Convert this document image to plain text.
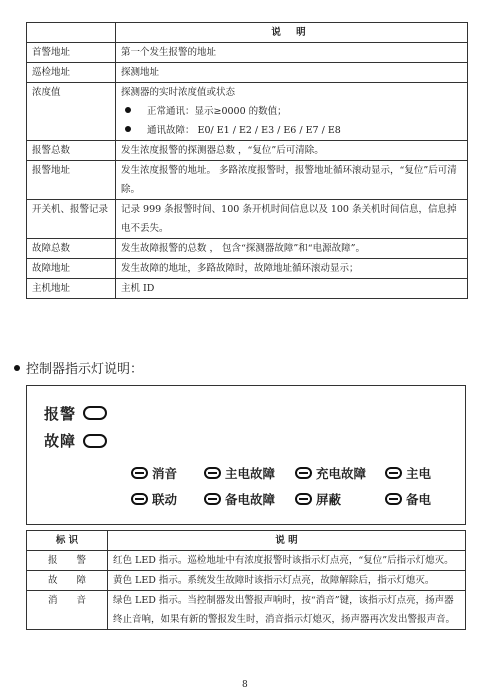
	说 明
首警地址	第一个发生报警的地址
巡检地址	探测地址
浓度值	探测器的实时浓度值或状态
正常通讯：显示≥0000 的数值；
通讯故障： E0/ E1 / E2 / E3 / E6 / E7 / E8

报警总数	发生浓度报警的探测器总数 ，“复位”后可清除。
报警地址	发生浓度报警的地址。 多路浓度报警时，报警地址循环滚动显示，“复位”后可清除。
开关机、报警记录	记录 999 条报警时间、100 条开机时间信息以及 100 条关机时间信息，信息掉电不丢失。
故障总数	发生故障报警的总数 ， 包含“探测器故障”和“电源故障”。
故障地址	发生故障的地址，多路故障时，故障地址循环滚动显示；
主机地址	主机 ID
控制器指示灯说明：
报警
故障
消音	主电故障	充电故障	主电
联动	备电故障	屏蔽	备电
标 识	说 明
报　　警	红色 LED 指示。巡检地址中有浓度报警时该指示灯点亮，“复位”后指示灯熄灭。
故　　障	黄色 LED 指示。系统发生故障时该指示灯点亮，故障解除后，指示灯熄灭。
消　　音	绿色 LED 指示。当控制器发出警报声响时，按“消音”键，该指示灯点亮，扬声器终止音响，如果有新的警报发生时，消音指示灯熄灭，扬声器再次发出警报声音。
8
